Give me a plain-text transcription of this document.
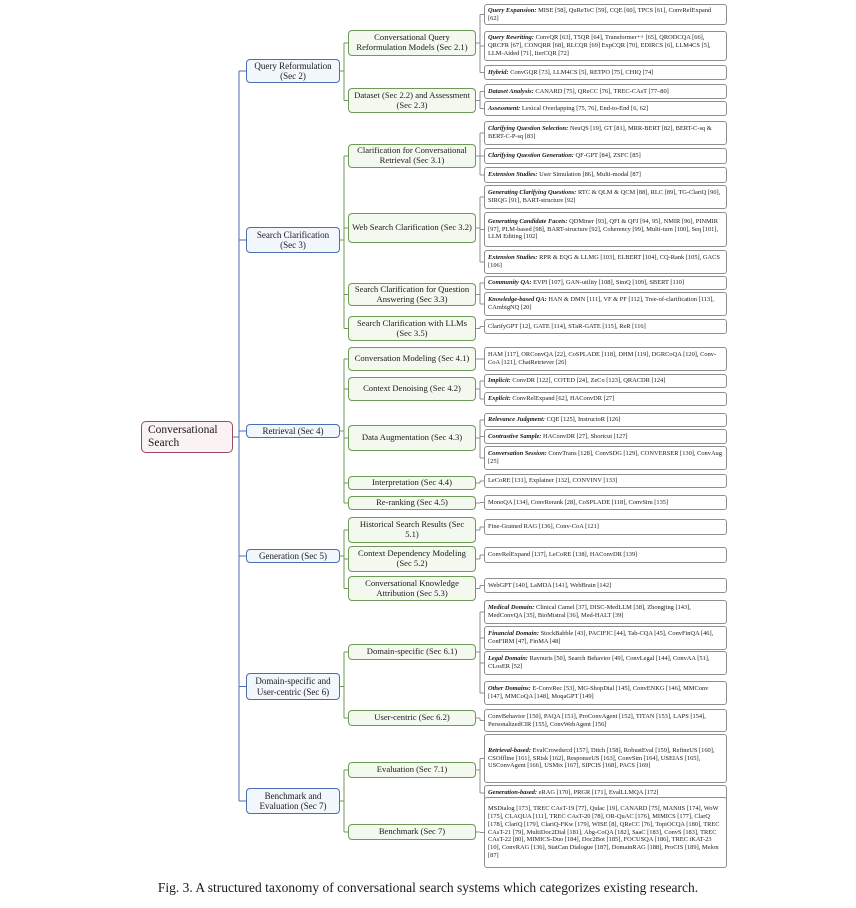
Conversational Search
Query Reformulation (Sec 2)
Conversational Query Reformulation Models (Sec 2.1)
Query Expansion: MISE [58], QuReTeC [59], CQE [60], TPCS [61], ConvRefExpand [62]
Query Rewriting: ConvQR [63], T5QR [64], Transformer++ [65], QRODCQA [66], QRCFR [67], CONQRR [68], RLCQR [69] ExpCQR [70], EDIRCS [6], LLM4CS [5], LLM-Aided [71], IterCQR [72]
Hybrid: ConvGQR [73], LLM4CS [5], RETPO [75], CHIQ [74]
Dataset (Sec 2.2) and Assessment (Sec 2.3)
Dataset Analysis: CANARD [75], QReCC [76], TREC-CAsT [77–80]
Assessment: Lexical Overlapping [75, 76], End-to-End [6, 62]
Search Clarification (Sec 3)
Clarification for Conversational Retrieval (Sec 3.1)
Clarifying Question Selection: NeuQS [19], GT [81], MRR-BERT [82], BERT-C-sq & BERT-C-P-sq [83]
Clarifying Question Generation: QF-GPT [84], ZSFC [85]
Extension Studies: User Simulation [86], Multi-modal [87]
Web Search Clarification (Sec 3.2)
Generating Clarifying Questions: RTC & QLM & QCM [88], RLC [89], TG-ClariQ [90], SIRQG [91], BART-structure [92]
Generating Candidate Facets: QDMiner [93], QFI & QFJ [94, 95], NMIR [96], PINMIR [97], PLM-based [98], BART-structure [92], Coherency [99], Multi-turn [100], Seq [101], LLM Editing [102]
Extension Studies: RPR & EQG & LLMG [103], ELBERT [104], CQ-Rank [105], GACS [106]
Search Clarification for Question Answering (Sec 3.3)
Community QA: EVPI [107], GAN-utility [108], SimQ [109], SBERT [110]
Knowledge-based QA: HAN & DMN [111], VF & PF [112], Tree-of-clarification [113], CAmbigNQ [20]
Search Clarification with LLMs (Sec 3.5)
ClarifyGPT [12], GATE [114], STaR-GATE [115], ReR [116]
Retrieval (Sec 4)
Conversation Modeling (Sec 4.1)	HAM [117], ORConvQA [22], CoSPLADE [118], DHM [119], DGRCoQA [120], Conv-CoA [121], ChatRetriever [26]
Context Denoising (Sec 4.2)
Implicit: ConvDR [122], COTED [24], ZeCo [123], QRACDR [124]
Explicit: ConvRelExpand [62], HAConvDR [27]
Data Augmentation (Sec 4.3)
Relevance Judgment: CQE [125], InstructoR [126]
Contrastive Sample: HAConvDR [27], Shortcut [127]
Conversation Session: ConvTrans [128], ConvSDG [129], CONVERSER [130], ConvAug [25]
Interpretation (Sec 4.4)	LeCoRE [131], Explainer [132], CONVINV [133]
Re-ranking (Sec 4.5)	MonoQA [134], ConvRerank [28], CoSPLADE [118], ConvSim [135]
Generation (Sec 5)
Historical Search Results (Sec 5.1)
Fine-Grained RAG [136], Conv-CoA [121]
Context Dependency Modeling (Sec 5.2)
ConvRelExpand [137], LeCoRE [138], HAConvDR [139]
Conversational Knowledge Attribution (Sec 5.3)
WebGPT [140], LaMDA [141], WebBrain [142]
Domain-specific and User-centric (Sec 6)
Domain-specific (Sec 6.1)
Medical Domain: Clinical Camel [37], DISC-MedLLM [38], Zhongjing [143], MedConvQA [35], BioMistral [36], Med-HALT [39]
Financial Domain: StockBabble [43], PACIFIC [44], Tab-CQA [45], ConvFinQA [46], ConFIRM [47], FinMA [48]
Legal Domain: Ravnuris [50], Search Behavior [49], ConvLegal [144], ConvAA [51], CLosER [52]
Other Domains: E-ConvRec [53], MG-ShopDial [145], ConvENKG [146], MMConv [147], MMCoQA [148], MoqaGPT [149]
User-centric (Sec 6.2)	ConvBehavior [150], PAQA [151], ProConvAgent [152], TITAN [153], LAPS [154], PersonalizedCIR [155], ConvWebAgent [156]
Benchmark and Evaluation (Sec 7)
Evaluation (Sec 7.1)
Retrieval-based: EvalCrowdsrcd [157], Ditch [158], RobustEval [159], RefineUS [160], CSOffline [161], SRisk [162], ResponseUS [163], ConvSim [164], USEIAS [165], USConvAgent [166], USMix [167], SIPCIS [168], PACS [169]
Generation-based: eRAG [170], PRGR [171], EvalLLMQA [172]
Benchmark (Sec 7)
MSDialog [173], TREC CAsT-19 [77], Qulac [19], CANARD [75], MANtIS [174], WoW [175], CLAQUA [111], TREC CAsT-20 [78], OR-QuAC [176], MIMICS [177], ClarQ [178], ClariQ [179], ClariQ-FKw [179], WISE [8], QReCC [76], TopiOCQA [180], TREC CAsT-21 [79], MultiDoc2Dial [181], Abg-CoQA [182], SaaC [183], ConvS [183], TREC CAsT-22 [80], MIMICS-Duo [184], Doc2Bot [185], FOCUSQA [186], TREC iKAT-23 [10], ConvRAG [136], StatCan Dialogue [187], DomainRAG [188], ProCIS [189], Melon [87]
Fig. 3. A structured taxonomy of conversational search systems which categorizes existing research.
